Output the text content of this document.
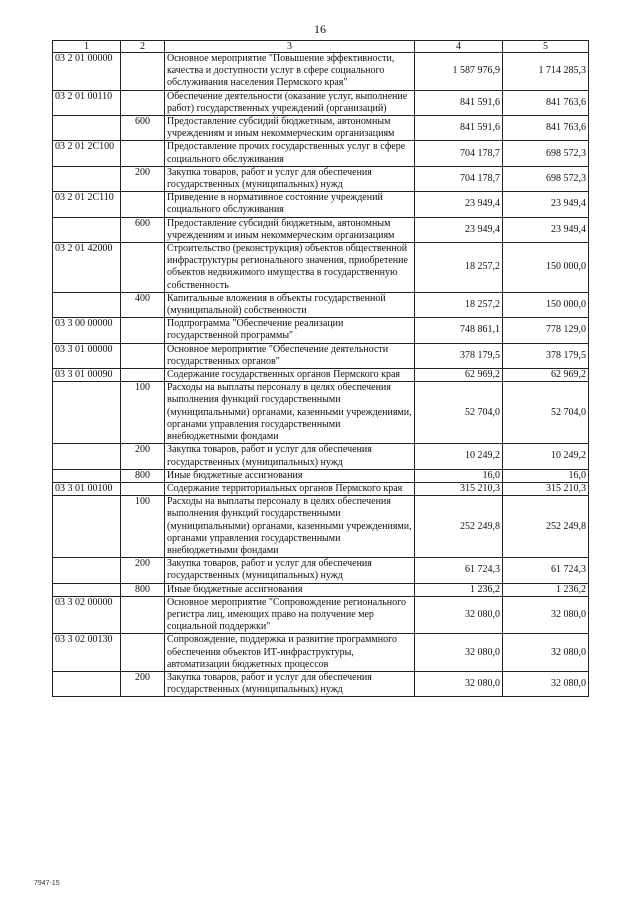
16
1	2	3	4	5
03 2 01 00000		Основное мероприятие "Повышение эффективности, качества и доступности услуг в сфере социального обслуживания населения Пермского края"	1 587 976,9	1 714 285,3
03 2 01 00110		Обеспечение деятельности (оказание услуг, выполнение работ) государственных учреждений (организаций)	841 591,6	841 763,6
	600	Предоставление субсидий бюджетным, автономным учреждениям и иным некоммерческим организациям	841 591,6	841 763,6
03 2 01 2С100		Предоставление прочих государственных услуг в сфере социального обслуживания	704 178,7	698 572,3
	200	Закупка товаров, работ и услуг для обеспечения государственных (муниципальных) нужд	704 178,7	698 572,3
03 2 01 2С110		Приведение в нормативное состояние учреждений социального обслуживания	23 949,4	23 949,4
	600	Предоставление субсидий бюджетным, автономным учреждениям и иным некоммерческим организациям	23 949,4	23 949,4
03 2 01 42000		Строительство (реконструкция) объектов общественной инфраструктуры регионального значения, приобретение объектов недвижимого имущества в государственную собственность	18 257,2	150 000,0
	400	Капитальные вложения в объекты государственной (муниципальной) собственности	18 257,2	150 000,0
03 3 00 00000		Подпрограмма "Обеспечение реализации государственной программы"	748 861,1	778 129,0
03 3 01 00000		Основное мероприятие "Обеспечение деятельности государственных органов"	378 179,5	378 179,5
03 3 01 00090		Содержание государственных органов Пермского края	62 969,2	62 969,2
	100	Расходы на выплаты персоналу в целях обеспечения выполнения функций государственными (муниципальными) органами, казенными учреждениями, органами управления государственными внебюджетными фондами	52 704,0	52 704,0
	200	Закупка товаров, работ и услуг для обеспечения государственных (муниципальных) нужд	10 249,2	10 249,2
	800	Иные бюджетные ассигнования	16,0	16,0
03 3 01 00100		Содержание территориальных органов Пермского края	315 210,3	315 210,3
	100	Расходы на выплаты персоналу в целях обеспечения выполнения функций государственными (муниципальными) органами, казенными учреждениями, органами управления государственными внебюджетными фондами	252 249,8	252 249,8
	200	Закупка товаров, работ и услуг для обеспечения государственных (муниципальных) нужд	61 724,3	61 724,3
	800	Иные бюджетные ассигнования	1 236,2	1 236,2
03 3 02 00000		Основное мероприятие "Сопровождение регионального регистра лиц, имеющих право на получение мер социальной поддержки"	32 080,0	32 080,0
03 3 02 00130		Сопровождение, поддержка и развитие программного обеспечения объектов ИТ-инфраструктуры, автоматизации бюджетных процессов	32 080,0	32 080,0
	200	Закупка товаров, работ и услуг для обеспечения государственных (муниципальных) нужд	32 080,0	32 080,0
7947-15
